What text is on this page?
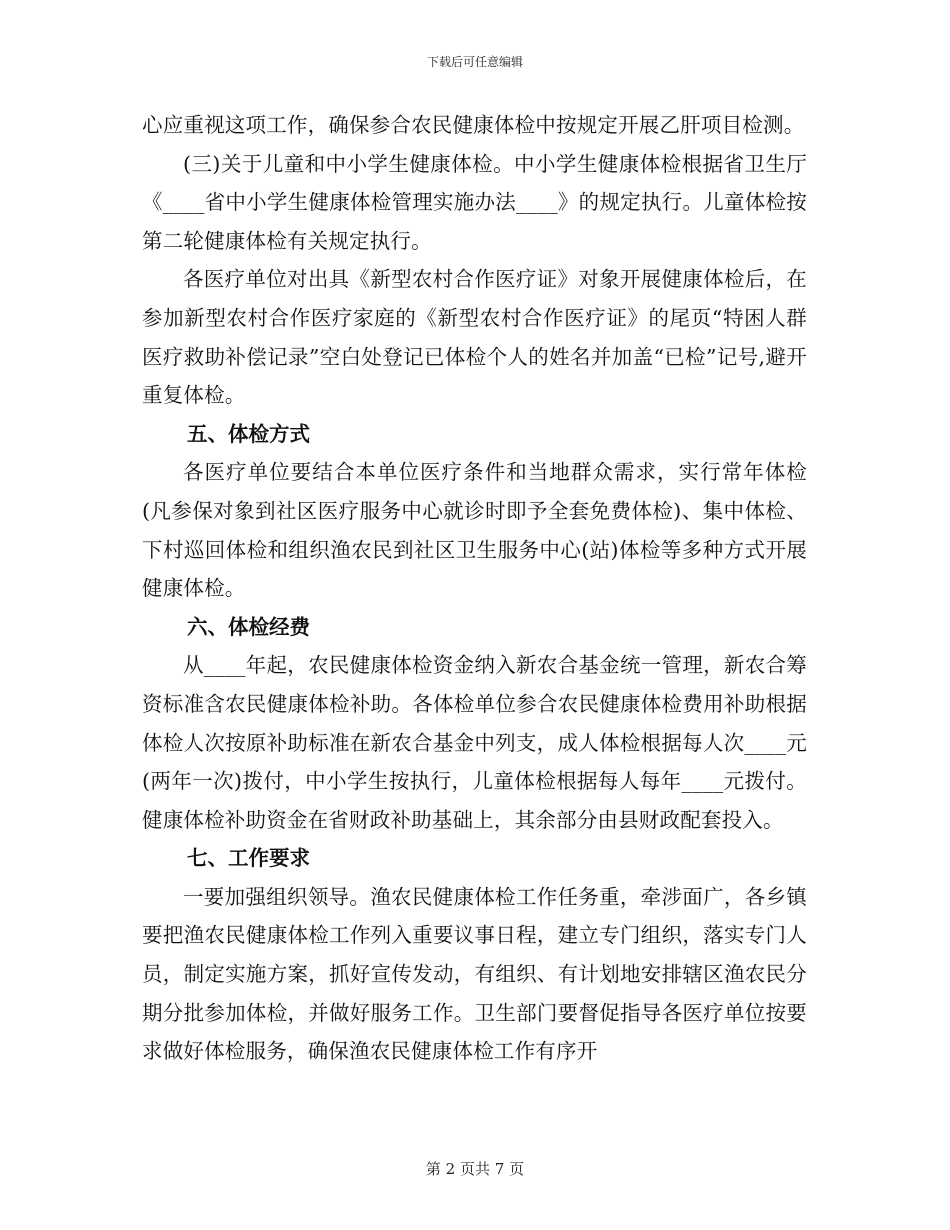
下载后可任意编辑

心应重视这项工作，确保参合农民健康体检中按规定开展乙肝项目检测。

(三)关于儿童和中小学生健康体检。中小学生健康体检根据省卫生厅《____省中小学生健康体检管理实施办法____》的规定执行。儿童体检按第二轮健康体检有关规定执行。

各医疗单位对出具《新型农村合作医疗证》对象开展健康体检后，在参加新型农村合作医疗家庭的《新型农村合作医疗证》的尾页“特困人群医疗救助补偿记录”空白处登记已体检个人的姓名并加盖“已检”记号,避开重复体检。

五、体检方式

各医疗单位要结合本单位医疗条件和当地群众需求，实行常年体检(凡参保对象到社区医疗服务中心就诊时即予全套免费体检)、集中体检、下村巡回体检和组织渔农民到社区卫生服务中心(站)体检等多种方式开展健康体检。

六、体检经费

从____年起，农民健康体检资金纳入新农合基金统一管理，新农合筹资标准含农民健康体检补助。各体检单位参合农民健康体检费用补助根据体检人次按原补助标准在新农合基金中列支，成人体检根据每人次____元(两年一次)拨付，中小学生按执行，儿童体检根据每人每年____元拨付。健康体检补助资金在省财政补助基础上，其余部分由县财政配套投入。

七、工作要求

一要加强组织领导。渔农民健康体检工作任务重，牵涉面广，各乡镇要把渔农民健康体检工作列入重要议事日程，建立专门组织，落实专门人员，制定实施方案，抓好宣传发动，有组织、有计划地安排辖区渔农民分期分批参加体检，并做好服务工作。卫生部门要督促指导各医疗单位按要求做好体检服务，确保渔农民健康体检工作有序开

第 2 页共 7 页
